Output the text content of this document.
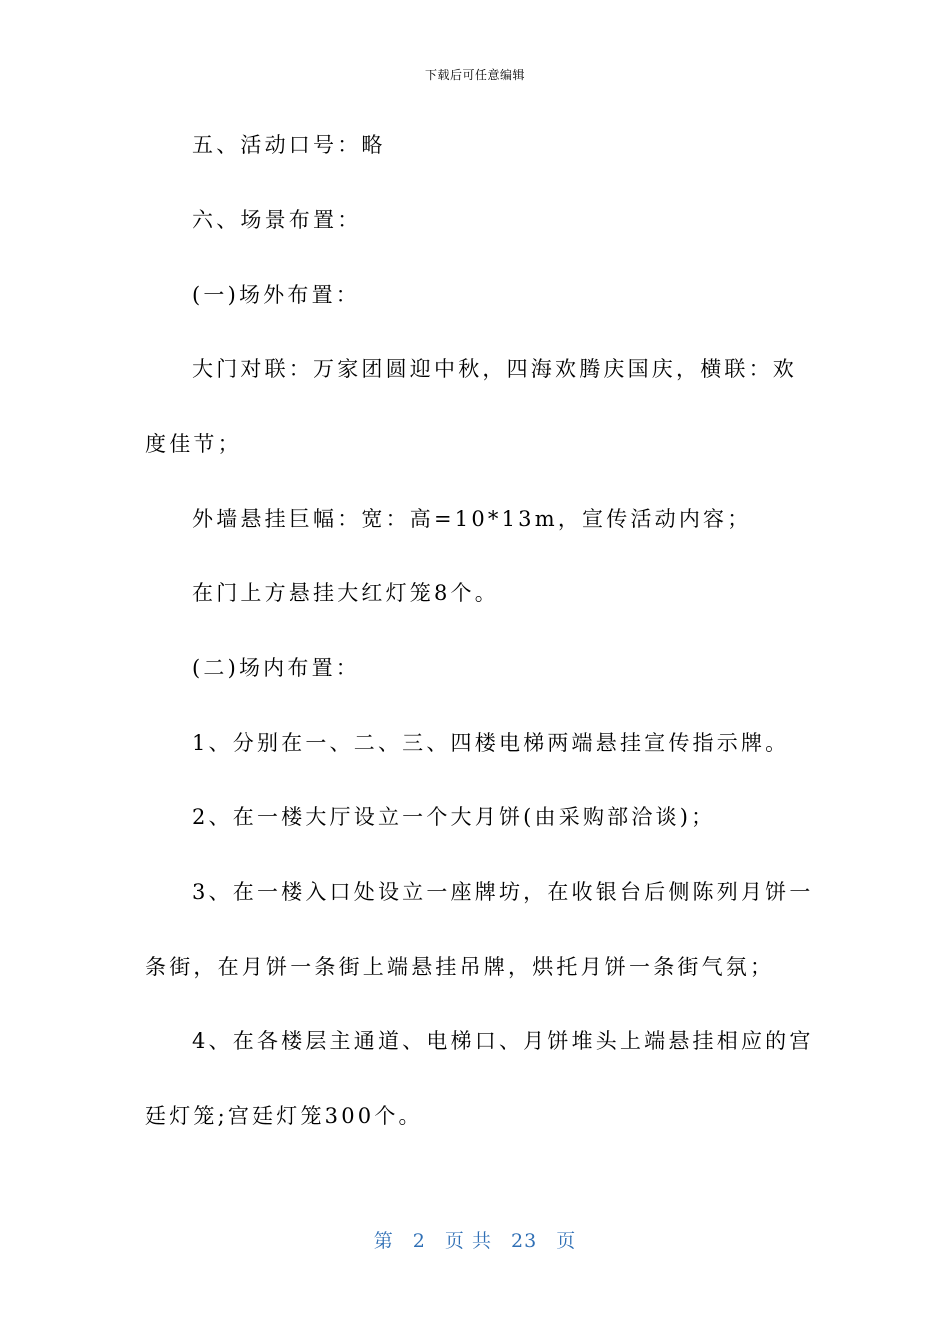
下载后可任意编辑
五、活动口号：略
六、场景布置：
(一)场外布置：
大门对联：万家团圆迎中秋，四海欢腾庆国庆，横联：欢
度佳节；
外墙悬挂巨幅：宽：高=10*13m，宣传活动内容；
在门上方悬挂大红灯笼8个。
(二)场内布置：
1、分别在一、二、三、四楼电梯两端悬挂宣传指示牌。
2、在一楼大厅设立一个大月饼(由采购部洽谈)；
3、在一楼入口处设立一座牌坊，在收银台后侧陈列月饼一
条街，在月饼一条街上端悬挂吊牌，烘托月饼一条街气氛；
4、在各楼层主通道、电梯口、月饼堆头上端悬挂相应的宫
廷灯笼;宫廷灯笼300个。
第 2 页 共 23 页
